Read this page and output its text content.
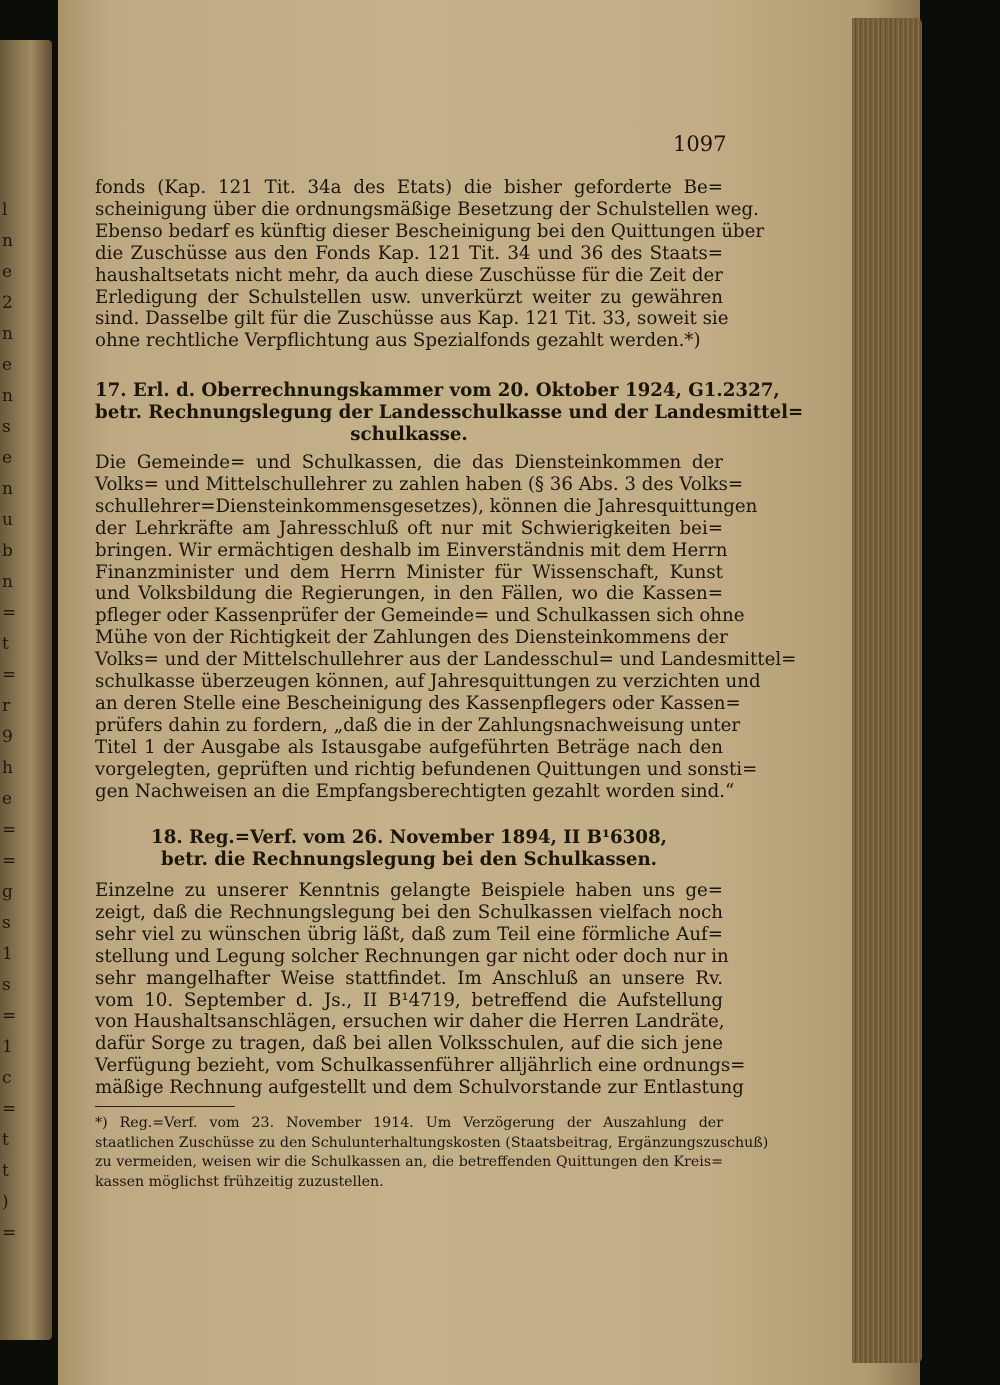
l
n
e
2
n
e
n
s
e
n
u
b
n
=
t
=
r
9
h
e
=
=
g
s
1
s
=
1
c
=
t
t
)
=
1097

fonds (Kap. 121 Tit. 34a des Etats) die bisher geforderte Be=

scheinigung über die ordnungsmäßige Besetzung der Schulstellen weg.

Ebenso bedarf es künftig dieser Bescheinigung bei den Quittungen über

die Zuschüsse aus den Fonds Kap. 121 Tit. 34 und 36 des Staats=

haushaltsetats nicht mehr, da auch diese Zuschüsse für die Zeit der

Erledigung der Schulstellen usw. unverkürzt weiter zu gewähren

sind. Dasselbe gilt für die Zuschüsse aus Kap. 121 Tit. 33, soweit sie

ohne rechtliche Verpflichtung aus Spezialfonds gezahlt werden.*)

17. Erl. d. Oberrechnungskammer vom 20. Oktober 1924, G1.2327,
betr. Rechnungslegung der Landesschulkasse und der Landesmittel=
schulkasse.

Die Gemeinde= und Schulkassen, die das Diensteinkommen der

Volks= und Mittelschullehrer zu zahlen haben (§ 36 Abs. 3 des Volks=

schullehrer=Diensteinkommensgesetzes), können die Jahresquittungen

der Lehrkräfte am Jahresschluß oft nur mit Schwierigkeiten bei=

bringen. Wir ermächtigen deshalb im Einverständnis mit dem Herrn

Finanzminister und dem Herrn Minister für Wissenschaft, Kunst

und Volksbildung die Regierungen, in den Fällen, wo die Kassen=

pfleger oder Kassenprüfer der Gemeinde= und Schulkassen sich ohne

Mühe von der Richtigkeit der Zahlungen des Diensteinkommens der

Volks= und der Mittelschullehrer aus der Landesschul= und Landesmittel=

schulkasse überzeugen können, auf Jahresquittungen zu verzichten und

an deren Stelle eine Bescheinigung des Kassenpflegers oder Kassen=

prüfers dahin zu fordern, „daß die in der Zahlungsnachweisung unter

Titel 1 der Ausgabe als Istausgabe aufgeführten Beträge nach den

vorgelegten, geprüften und richtig befundenen Quittungen und sonsti=

gen Nachweisen an die Empfangsberechtigten gezahlt worden sind.“

18. Reg.=Verf. vom 26. November 1894, II B¹6308,
betr. die Rechnungslegung bei den Schulkassen.

Einzelne zu unserer Kenntnis gelangte Beispiele haben uns ge=

zeigt, daß die Rechnungslegung bei den Schulkassen vielfach noch

sehr viel zu wünschen übrig läßt, daß zum Teil eine förmliche Auf=

stellung und Legung solcher Rechnungen gar nicht oder doch nur in

sehr mangelhafter Weise stattfindet. Im Anschluß an unsere Rv.

vom 10. September d. Js., II B¹4719, betreffend die Aufstellung

von Haushaltsanschlägen, ersuchen wir daher die Herren Landräte,

dafür Sorge zu tragen, daß bei allen Volksschulen, auf die sich jene

Verfügung bezieht, vom Schulkassenführer alljährlich eine ordnungs=

mäßige Rechnung aufgestellt und dem Schulvorstande zur Entlastung

*) Reg.=Verf. vom 23. November 1914. Um Verzögerung der Auszahlung der

staatlichen Zuschüsse zu den Schulunterhaltungskosten (Staatsbeitrag, Ergänzungszuschuß)

zu vermeiden, weisen wir die Schulkassen an, die betreffenden Quittungen den Kreis=

kassen möglichst frühzeitig zuzustellen.
